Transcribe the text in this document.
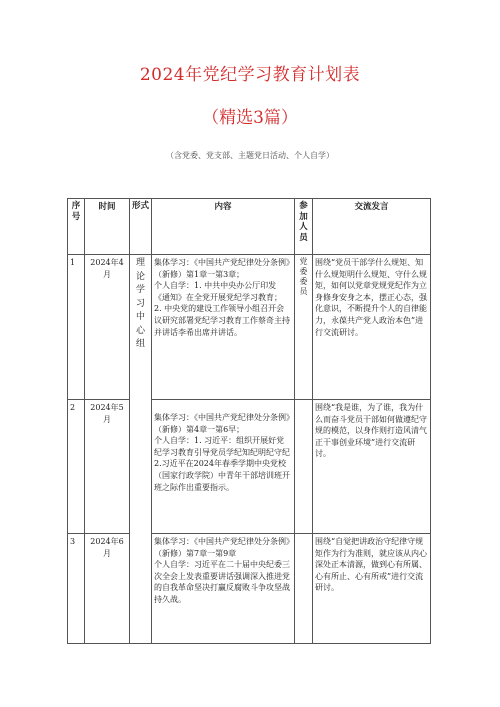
2024年党纪学习教育计划表
（精选3篇）
（含党委、党支部、主题党日活动、个人自学）
序号	时间	形式	内容	参加人员	交流发言
1	2024年4月	理论学习中心组	集体学习：《中国共产党纪律处分条例》（新修）第1章一第3章；
个人自学：1. 中共中央办公厅印发《通知》在全党开展党纪学习教育；
2. 中央党的建设工作领导小组召开会议研究部署党纪学习教育工作蔡奇主持并讲话李希出席并讲话。	党委委员	围绕“党员干部学什么规矩、知什么规矩明什么规矩、守什么规矩，如何以党章党规党纪作为立身修身安身之本，摆正心态，强化意识，不断提升个人的自律能力，永葆共产党人政治本色”进行交流研讨。
2	2024年5月		集体学习：《中国共产党纪律处分条例》（新修）第4章一第6早；
个人自学：1. 习近平：组织开展好党纪学习教育引导党员学纪知纪明纪守纪
2.习近平在2024年春季学期中央党校（国家行政学院）中青年干部培训班开班之际作出重要指示。		围绕“我是谁，为了谁，我为什么而奋斗党员干部如何做遵纪守规的模范，以身作则打造风清气正干事创业环境”进行交流研讨。
3	2024年6月		集体学习：《中国共产党纪律处分条例》（新修）第7章一第9章
个人自学：习近平在二十届中央纪委三次全会上发表重要讲话强调深入推进党的自我革命坚决打赢反腐败斗争攻坚战持久战。		围绕“自觉把讲政治守纪律守规矩作为行为准则，就应该从内心深处正本清源，做到心有所属、心有所止、心有所戒”进行交流研讨。
